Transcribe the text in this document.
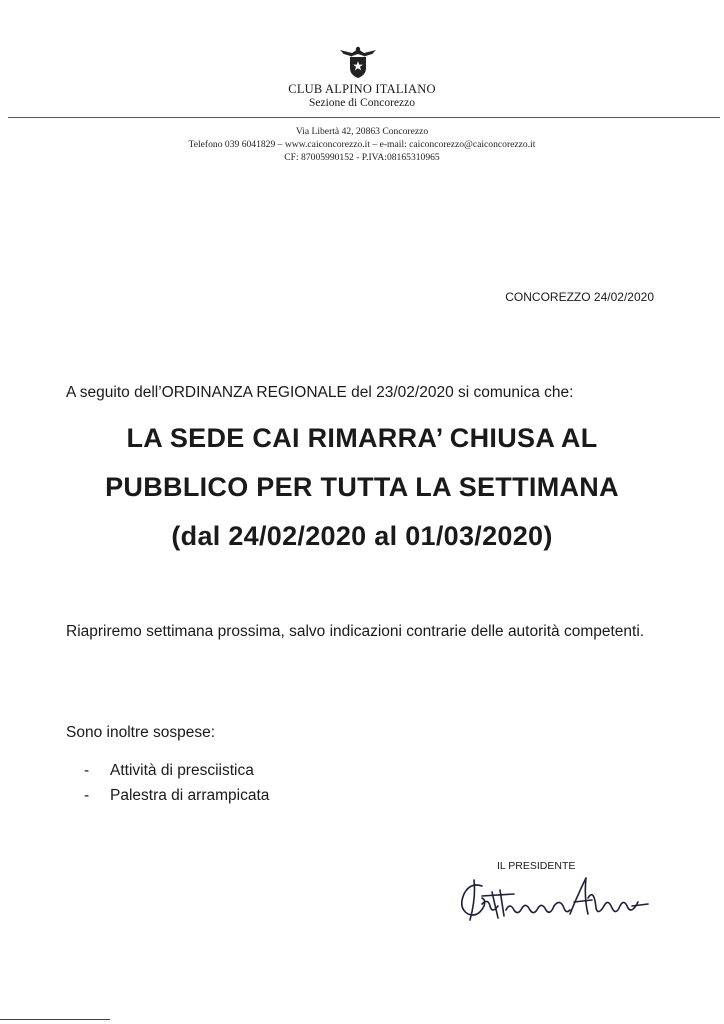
CLUB ALPINO ITALIANO
Sezione di Concorezzo
Via Libertà 42, 20863 Concorezzo
Telefono 039 6041829 – www.caiconcorezzo.it – e-mail: caiconcorezzo@caiconcorezzo.it
CF: 87005990152 - P.IVA:08165310965
CONCOREZZO 24/02/2020
A seguito dell’ORDINANZA REGIONALE del 23/02/2020 si comunica che:
LA SEDE CAI RIMARRA’ CHIUSA AL
PUBBLICO PER TUTTA LA SETTIMANA
(dal 24/02/2020 al 01/03/2020)
Riapriremo settimana prossima, salvo indicazioni contrarie delle autorità competenti.
Sono inoltre sospese:
- Attività di presciistica
- Palestra di arrampicata
IL PRESIDENTE
